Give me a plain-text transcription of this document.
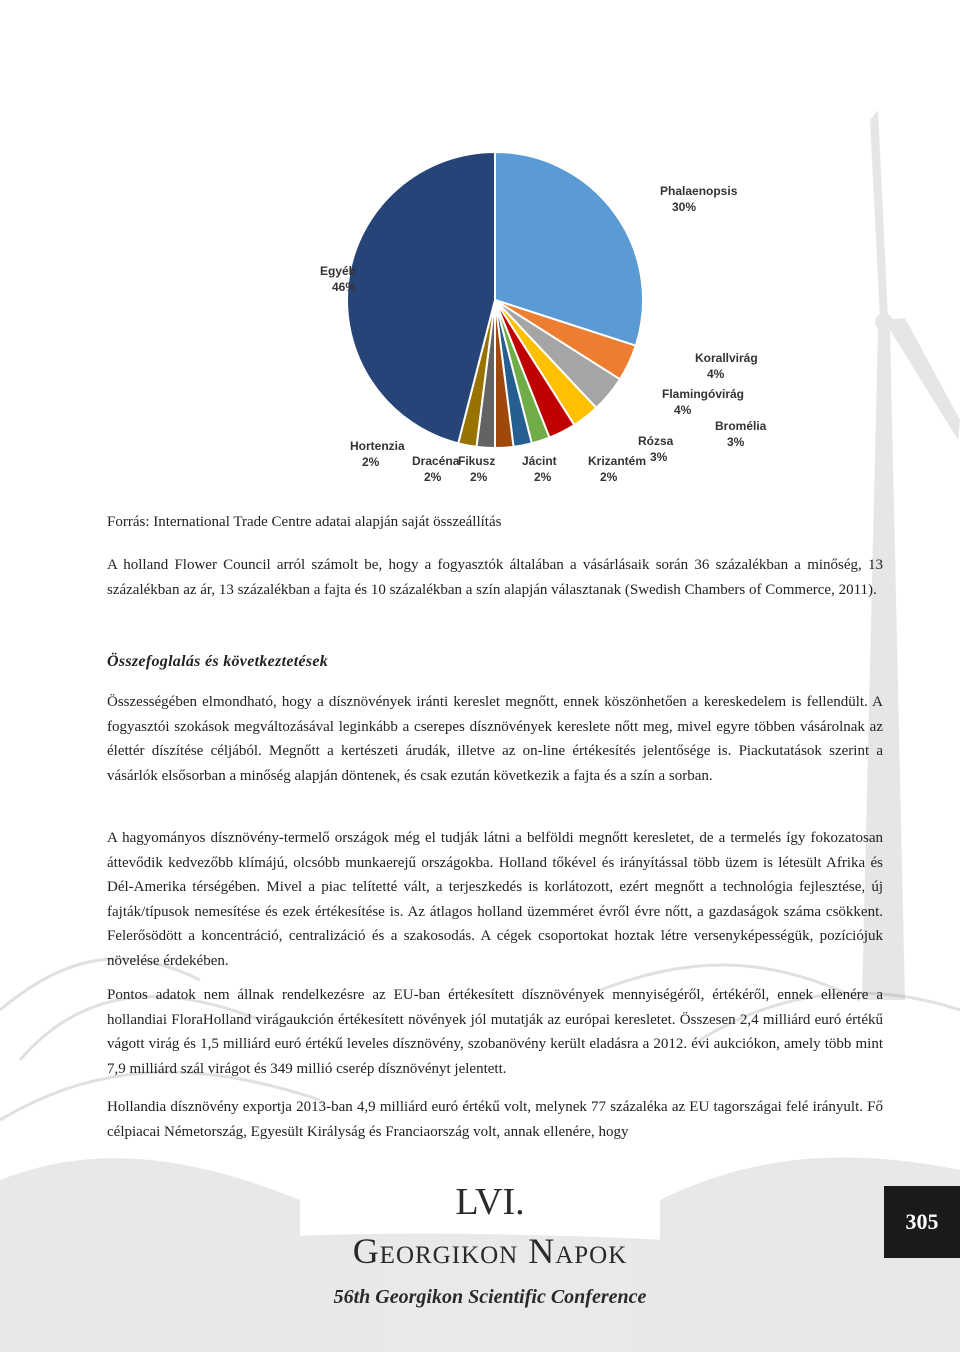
Phalaenopsis 30%
Korallvirág 4%
Flamingóvirág 4%
Bromélia 3%
Rózsa 3%
Krizantém 2%
Jácint 2%
Fikusz 2%
Dracéna 2%
Hortenzia 2%
Egyéb 46%
Forrás: International Trade Centre adatai alapján saját összeállítás
A holland Flower Council arról számolt be, hogy a fogyasztók általában a vásárlásaik során 36 százalékban a minőség, 13 százalékban az ár, 13 százalékban a fajta és 10 százalékban a szín alapján választanak (Swedish Chambers of Commerce, 2011).
Összefoglalás és következtetések
Összességében elmondható, hogy a dísznövények iránti kereslet megnőtt, ennek köszönhetően a kereskedelem is fellendült. A fogyasztói szokások megváltozásával leginkább a cserepes dísznövények kereslete nőtt meg, mivel egyre többen vásárolnak az élettér díszítése céljából. Megnőtt a kertészeti árudák, illetve az on-line értékesítés jelentősége is. Piackutatások szerint a vásárlók elsősorban a minőség alapján döntenek, és csak ezután következik a fajta és a szín a sorban.
A hagyományos dísznövény-termelő országok még el tudják látni a belföldi megnőtt keresletet, de a termelés így fokozatosan áttevődik kedvezőbb klímájú, olcsóbb munkaerejű országokba. Holland tőkével és irányítással több üzem is létesült Afrika és Dél-Amerika térségében. Mivel a piac telítetté vált, a terjeszkedés is korlátozott, ezért megnőtt a technológia fejlesztése, új fajták/típusok nemesítése és ezek értékesítése is. Az átlagos holland üzemméret évről évre nőtt, a gazdaságok száma csökkent. Felerősödött a koncentráció, centralizáció és a szakosodás. A cégek csoportokat hoztak létre versenyképességük, pozíciójuk növelése érdekében.
Pontos adatok nem állnak rendelkezésre az EU-ban értékesített dísznövények mennyiségéről, értékéről, ennek ellenére a hollandiai FloraHolland virágaukción értékesített növények jól mutatják az európai keresletet. Összesen 2,4 milliárd euró értékű vágott virág és 1,5 milliárd euró értékű leveles dísznövény, szobanövény került eladásra a 2012. évi aukciókon, amely több mint 7,9 milliárd szál virágot és 349 millió cserép dísznövényt jelentett.
Hollandia dísznövény exportja 2013-ban 4,9 milliárd euró értékű volt, melynek 77 százaléka az EU tagországai felé irányult. Fő célpiacai Németország, Egyesült Királyság és Franciaország volt, annak ellenére, hogy
LVI.
Georgikon Napok
56th Georgikon Scientific Conference
305
